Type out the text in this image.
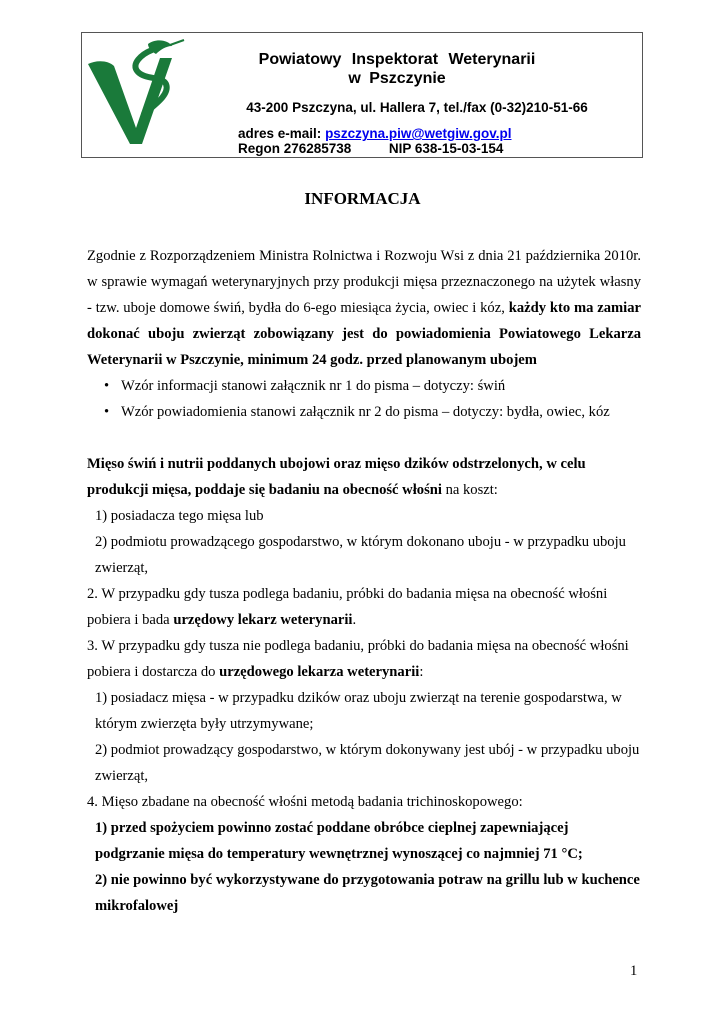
Powiatowy Inspektorat Weterynarii
w Pszczynie
43-200 Pszczyna, ul. Hallera 7, tel./fax (0-32)210-51-66
adres e-mail: pszczyna.piw@wetgiw.gov.pl
Regon 276285738	NIP 638-15-03-154
INFORMACJA

Zgodnie z Rozporządzeniem Ministra Rolnictwa i Rozwoju Wsi z dnia 21 października 2010r. w sprawie wymagań weterynaryjnych przy produkcji mięsa przeznaczonego na użytek własny - tzw. uboje domowe świń, bydła do 6-ego miesiąca życia, owiec i kóz, każdy kto ma zamiar dokonać uboju zwierząt zobowiązany jest do powiadomienia Powiatowego Lekarza Weterynarii w Pszczynie, minimum 24 godz. przed planowanym ubojem

• Wzór informacji stanowi załącznik nr 1 do pisma – dotyczy: świń
• Wzór powiadomienia stanowi załącznik nr 2 do pisma – dotyczy: bydła, owiec, kóz

Mięso świń i nutrii poddanych ubojowi oraz mięso dzików odstrzelonych, w celu produkcji mięsa, poddaje się badaniu na obecność włośni na koszt:

1) posiadacza tego mięsa lub

2) podmiotu prowadzącego gospodarstwo, w którym dokonano uboju - w przypadku uboju zwierząt,

2. W przypadku gdy tusza podlega badaniu, próbki do badania mięsa na obecność włośni pobiera i bada urzędowy lekarz weterynarii.

3. W przypadku gdy tusza nie podlega badaniu, próbki do badania mięsa na obecność włośni pobiera i dostarcza do urzędowego lekarza weterynarii:

1) posiadacz mięsa - w przypadku dzików oraz uboju zwierząt na terenie gospodarstwa, w którym zwierzęta były utrzymywane;

2) podmiot prowadzący gospodarstwo, w którym dokonywany jest ubój - w przypadku uboju zwierząt,

4. Mięso zbadane na obecność włośni metodą badania trichinoskopowego:

1) przed spożyciem powinno zostać poddane obróbce cieplnej zapewniającej podgrzanie mięsa do temperatury wewnętrznej wynoszącej co najmniej 71 °C;

2) nie powinno być wykorzystywane do przygotowania potraw na grillu lub w kuchence mikrofalowej

1
